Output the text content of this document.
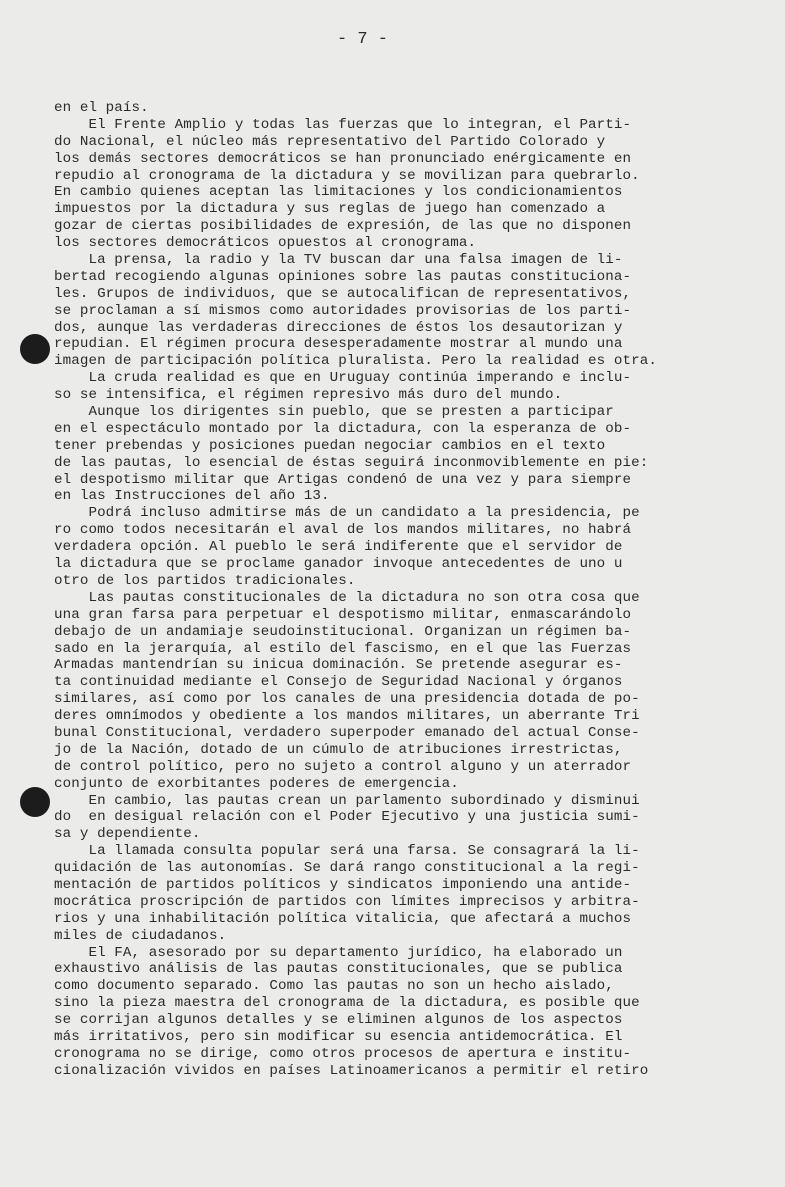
- 7 -
en el país.
El Frente Amplio y todas las fuerzas que lo integran, el Parti-
do Nacional, el núcleo más representativo del Partido Colorado y
los demás sectores democráticos se han pronunciado enérgicamente en
repudio al cronograma de la dictadura y se movilizan para quebrarlo.
En cambio quienes aceptan las limitaciones y los condicionamientos
impuestos por la dictadura y sus reglas de juego han comenzado a
gozar de ciertas posibilidades de expresión, de las que no disponen
los sectores democráticos opuestos al cronograma.
La prensa, la radio y la TV buscan dar una falsa imagen de li-
bertad recogiendo algunas opiniones sobre las pautas constituciona-
les. Grupos de individuos, que se autocalifican de representativos,
se proclaman a sí mismos como autoridades provisorias de los parti-
dos, aunque las verdaderas direcciones de éstos los desautorizan y
repudian. El régimen procura desesperadamente mostrar al mundo una
imagen de participación política pluralista. Pero la realidad es otra.
La cruda realidad es que en Uruguay continúa imperando e inclu-
so se intensifica, el régimen represivo más duro del mundo.
Aunque los dirigentes sin pueblo, que se presten a participar
en el espectáculo montado por la dictadura, con la esperanza de ob-
tener prebendas y posiciones puedan negociar cambios en el texto
de las pautas, lo esencial de éstas seguirá inconmoviblemente en pie:
el despotismo militar que Artigas condenó de una vez y para siempre
en las Instrucciones del año 13.
Podrá incluso admitirse más de un candidato a la presidencia, pe
ro como todos necesitarán el aval de los mandos militares, no habrá
verdadera opción. Al pueblo le será indiferente que el servidor de
la dictadura que se proclame ganador invoque antecedentes de uno u
otro de los partidos tradicionales.
Las pautas constitucionales de la dictadura no son otra cosa que
una gran farsa para perpetuar el despotismo militar, enmascarándolo
debajo de un andamiaje seudoinstitucional. Organizan un régimen ba-
sado en la jerarquía, al estilo del fascismo, en el que las Fuerzas
Armadas mantendrían su inicua dominación. Se pretende asegurar es-
ta continuidad mediante el Consejo de Seguridad Nacional y órganos
similares, así como por los canales de una presidencia dotada de po-
deres omnímodos y obediente a los mandos militares, un aberrante Tri
bunal Constitucional, verdadero superpoder emanado del actual Conse-
jo de la Nación, dotado de un cúmulo de atribuciones irrestrictas,
de control político, pero no sujeto a control alguno y un aterrador
conjunto de exorbitantes poderes de emergencia.
En cambio, las pautas crean un parlamento subordinado y disminui
do  en desigual relación con el Poder Ejecutivo y una justicia sumi-
sa y dependiente.
La llamada consulta popular será una farsa. Se consagrará la li-
quidación de las autonomías. Se dará rango constitucional a la regi-
mentación de partidos políticos y sindicatos imponiendo una antide-
mocrática proscripción de partidos con límites imprecisos y arbitra-
rios y una inhabilitación política vitalicia, que afectará a muchos
miles de ciudadanos.
El FA, asesorado por su departamento jurídico, ha elaborado un
exhaustivo análisis de las pautas constitucionales, que se publica
como documento separado. Como las pautas no son un hecho aislado,
sino la pieza maestra del cronograma de la dictadura, es posible que
se corrijan algunos detalles y se eliminen algunos de los aspectos
más irritativos, pero sin modificar su esencia antidemocrática. El
cronograma no se dirige, como otros procesos de apertura e institu-
cionalización vividos en países Latinoamericanos a permitir el retiro
